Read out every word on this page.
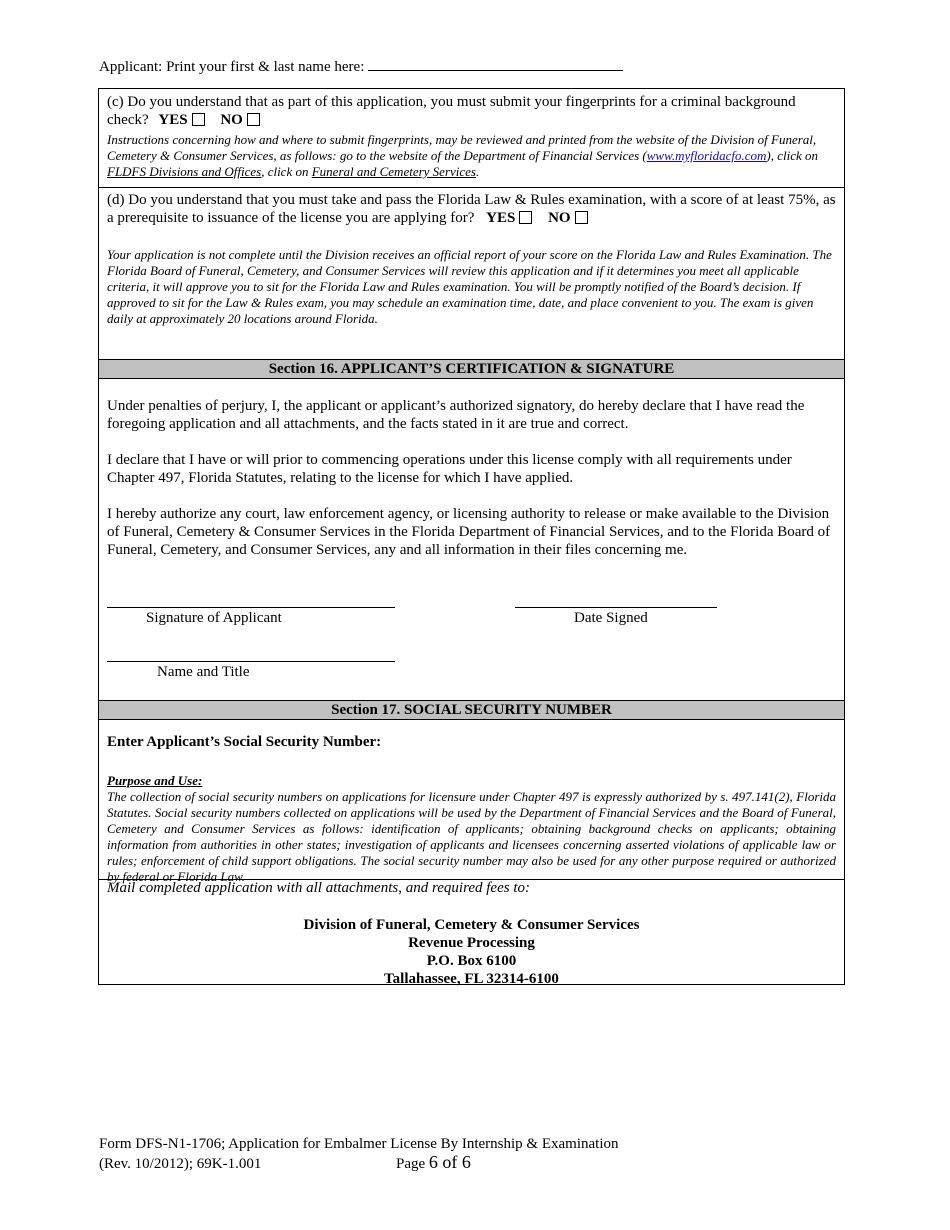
Applicant: Print your first & last name here:
(c) Do you understand that as part of this application, you must submit your fingerprints for a criminal background check? YES NO
Instructions concerning how and where to submit fingerprints, may be reviewed and printed from the website of the Division of Funeral, Cemetery & Consumer Services, as follows: go to the website of the Department of Financial Services (www.myfloridacfo.com), click on FLDFS Divisions and Offices, click on Funeral and Cemetery Services.
(d) Do you understand that you must take and pass the Florida Law & Rules examination, with a score of at least 75%, as a prerequisite to issuance of the license you are applying for? YES NO
Your application is not complete until the Division receives an official report of your score on the Florida Law and Rules Examination. The Florida Board of Funeral, Cemetery, and Consumer Services will review this application and if it determines you meet all applicable criteria, it will approve you to sit for the Florida Law and Rules examination. You will be promptly notified of the Board’s decision. If approved to sit for the Law & Rules exam, you may schedule an examination time, date, and place convenient to you. The exam is given daily at approximately 20 locations around Florida.
Section 16. APPLICANT’S CERTIFICATION & SIGNATURE
Under penalties of perjury, I, the applicant or applicant’s authorized signatory, do hereby declare that I have read the foregoing application and all attachments, and the facts stated in it are true and correct.
I declare that I have or will prior to commencing operations under this license comply with all requirements under Chapter 497, Florida Statutes, relating to the license for which I have applied.
I hereby authorize any court, law enforcement agency, or licensing authority to release or make available to the Division of Funeral, Cemetery & Consumer Services in the Florida Department of Financial Services, and to the Florida Board of Funeral, Cemetery, and Consumer Services, any and all information in their files concerning me.
Signature of Applicant	Date Signed
Name and Title
Section 17. SOCIAL SECURITY NUMBER
Enter Applicant’s Social Security Number:
Purpose and Use:
The collection of social security numbers on applications for licensure under Chapter 497 is expressly authorized by s. 497.141(2), Florida Statutes. Social security numbers collected on applications will be used by the Department of Financial Services and the Board of Funeral, Cemetery and Consumer Services as follows: identification of applicants; obtaining background checks on applicants; obtaining information from authorities in other states; investigation of applicants and licensees concerning asserted violations of applicable law or rules; enforcement of child support obligations. The social security number may also be used for any other purpose required or authorized by federal or Florida Law.
Mail completed application with all attachments, and required fees to:
Division of Funeral, Cemetery & Consumer Services
Revenue Processing
P.O. Box 6100
Tallahassee, FL 32314-6100
Form DFS-N1-1706; Application for Embalmer License By Internship & Examination
(Rev. 10/2012); 69K-1.001	Page 6 of 6
